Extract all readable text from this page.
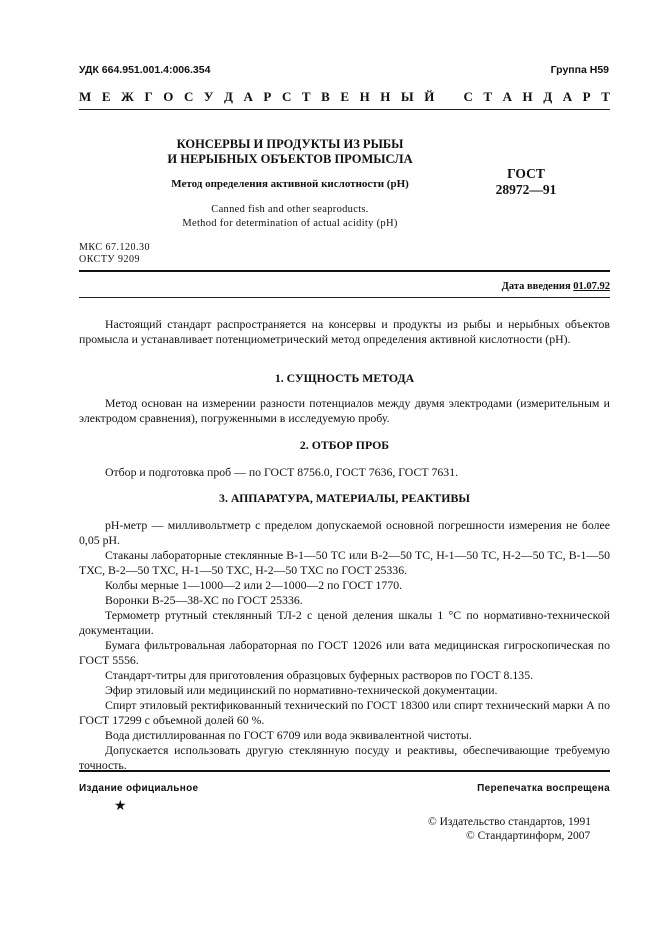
УДК 664.951.001.4:006.354	Группа Н59
М Е Ж Г О С У Д А Р С Т В Е Н Н Ы Й С Т А Н Д А Р Т
КОНСЕРВЫ И ПРОДУКТЫ ИЗ РЫБЫ
И НЕРЫБНЫХ ОБЪЕКТОВ ПРОМЫСЛА
Метод определения активной кислотности (рН)
Canned fish and other seaproducts.
Method for determination of actual acidity (pH)
ГОСТ
28972—91
МКС 67.120.30
ОКСТУ 9209
Дата введения 01.07.92

Настоящий стандарт распространяется на консервы и продукты из рыбы и нерыбных объектов промысла и устанавливает потенциометрический метод определения активной кислотности (рН).

1. СУЩНОСТЬ МЕТОДА

Метод основан на измерении разности потенциалов между двумя электродами (измерительным и электродом сравнения), погруженными в исследуемую пробу.

2. ОТБОР ПРОБ

Отбор и подготовка проб — по ГОСТ 8756.0, ГОСТ 7636, ГОСТ 7631.

3. АППАРАТУРА, МАТЕРИАЛЫ, РЕАКТИВЫ

рН-метр — милливольтметр с пределом допускаемой основной погрешности измерения не более 0,05 рН.

Стаканы лабораторные стеклянные В-1—50 ТС или В-2—50 ТС, Н-1—50 ТС, Н-2—50 ТС, В-1—50 ТХС, В-2—50 ТХС, Н-1—50 ТХС, Н-2—50 ТХС по ГОСТ 25336.

Колбы мерные 1—1000—2 или 2—1000—2 по ГОСТ 1770.

Воронки В-25—38-ХС по ГОСТ 25336.

Термометр ртутный стеклянный ТЛ-2 с ценой деления шкалы 1 °С по нормативно-технической документации.

Бумага фильтровальная лабораторная по ГОСТ 12026 или вата медицинская гигроскопическая по ГОСТ 5556.

Стандарт-титры для приготовления образцовых буферных растворов по ГОСТ 8.135.

Эфир этиловый или медицинский по нормативно-технической документации.

Спирт этиловый ректификованный технический по ГОСТ 18300 или спирт технический марки А по ГОСТ 17299 с объемной долей 60 %.

Вода дистиллированная по ГОСТ 6709 или вода эквивалентной чистоты.

Допускается использовать другую стеклянную посуду и реактивы, обеспечивающие требуемую точность.

Издание официальное	Перепечатка воспрещена
★
© Издательство стандартов, 1991
© Стандартинформ, 2007
